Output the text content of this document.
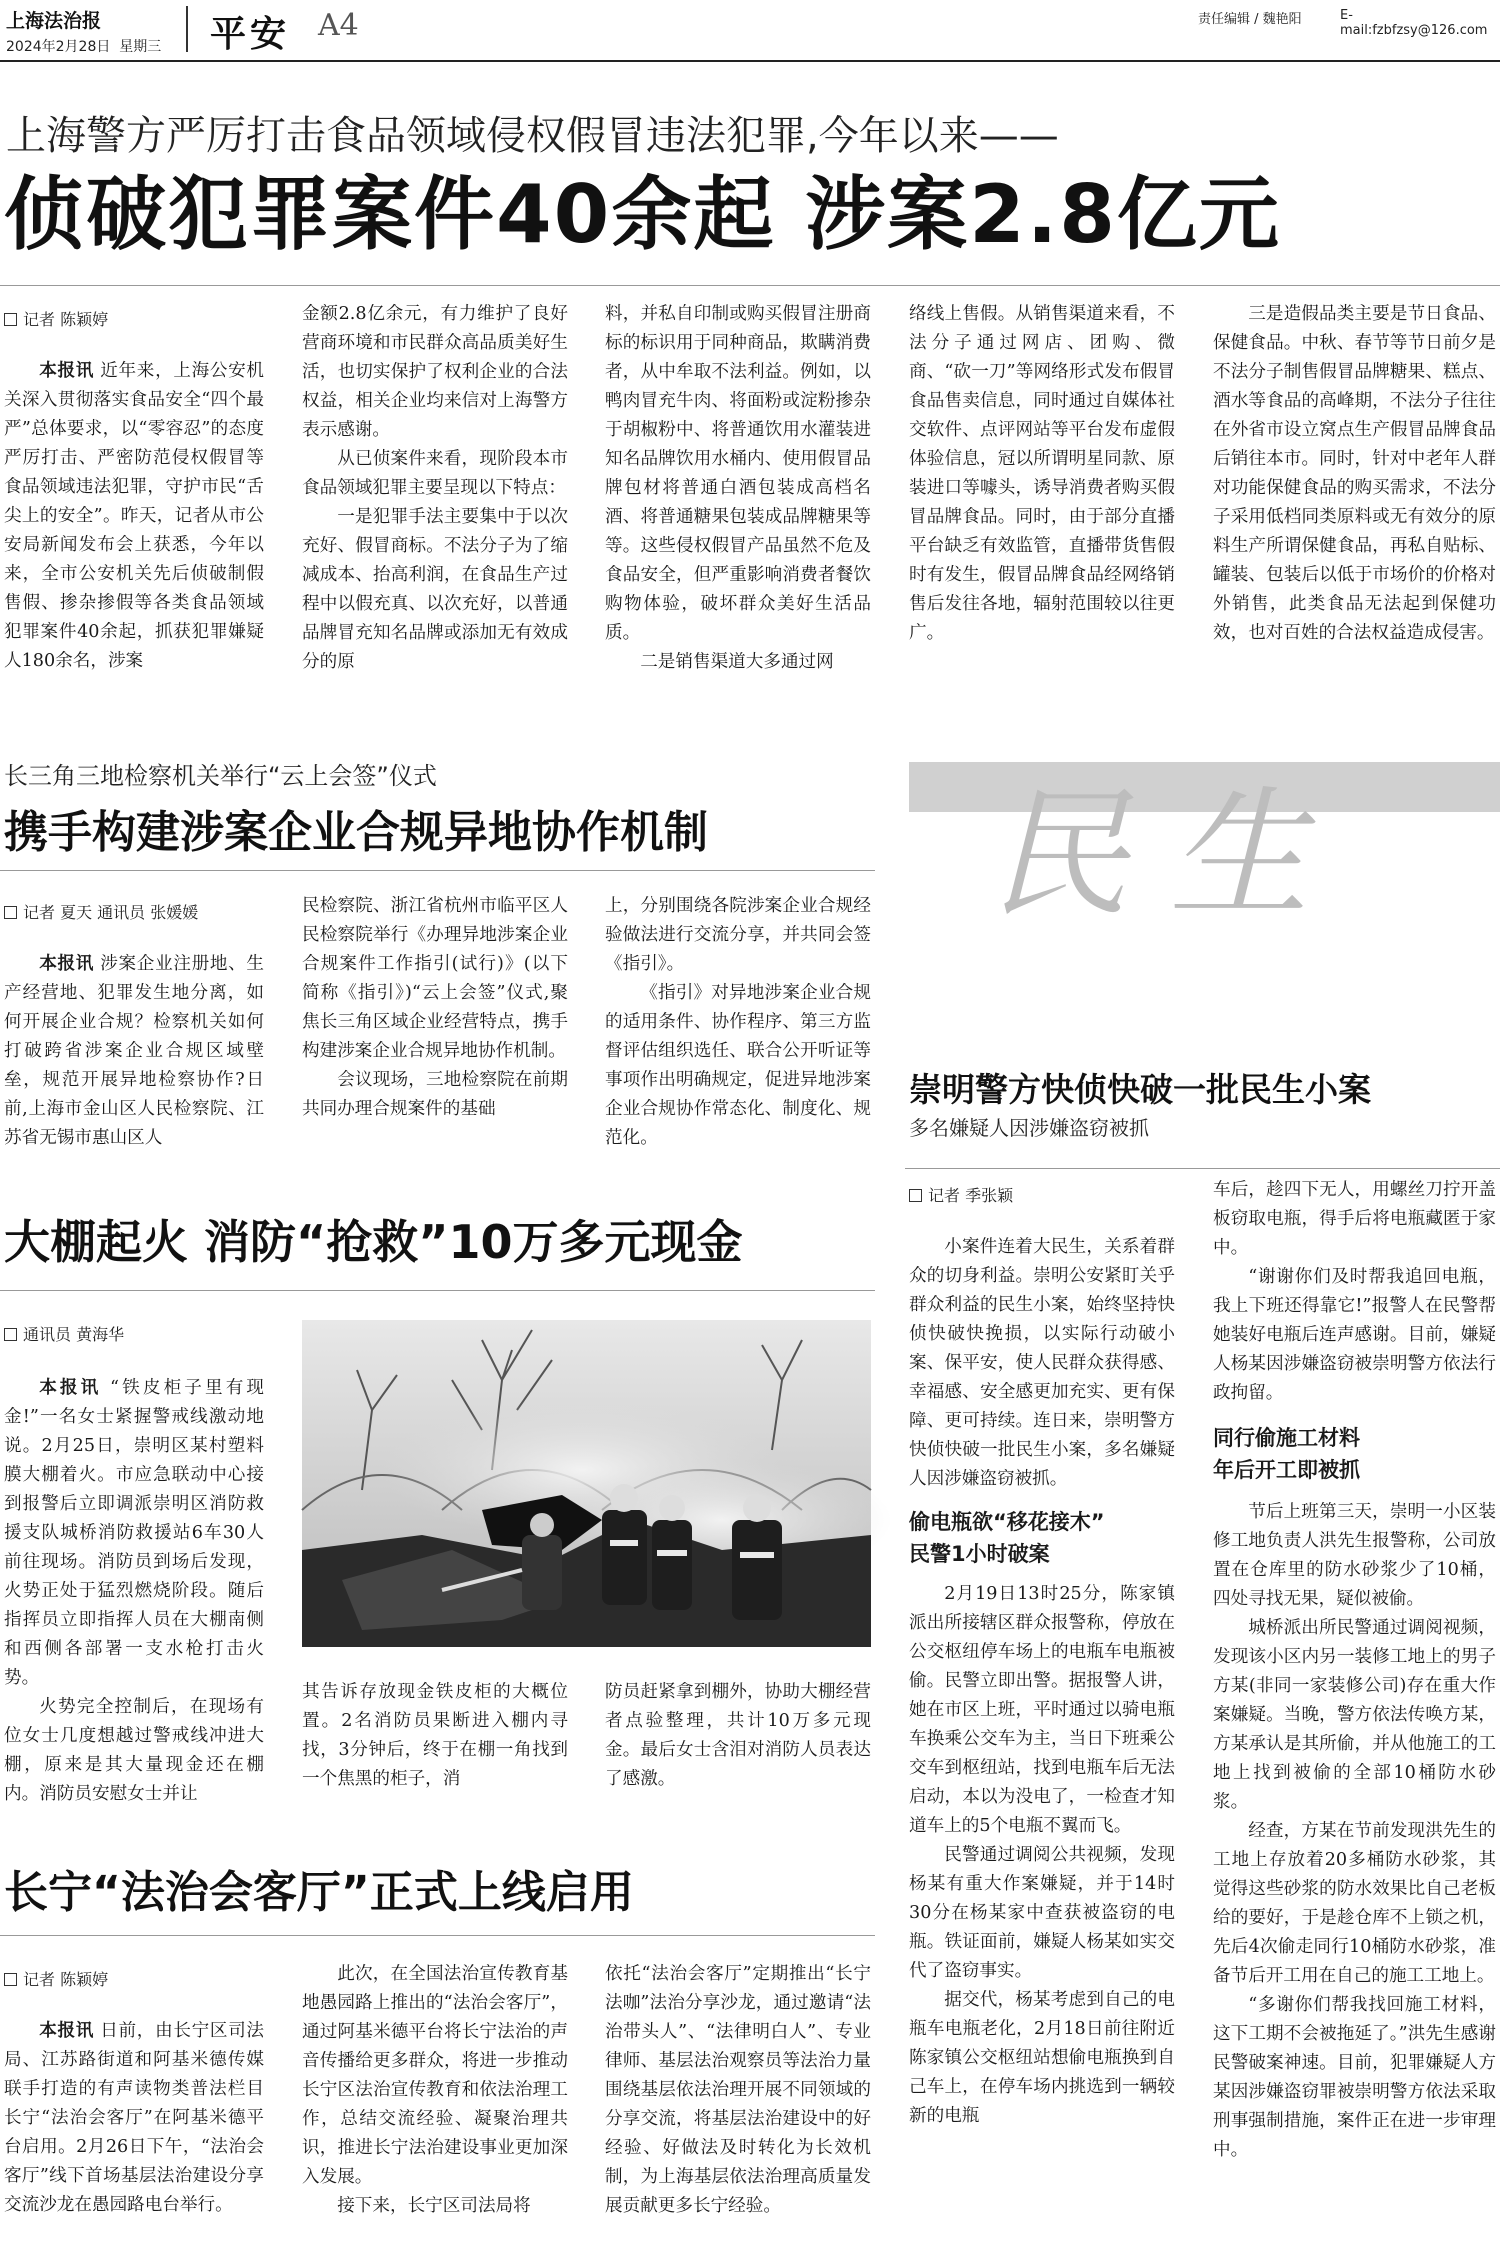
上海法治报
2024年2月28日 星期三 平安 A4	责任编辑 / 魏艳阳	E-mail:fzbfzsy@126.com
上海警方严厉打击食品领域侵权假冒违法犯罪,今年以来——
侦破犯罪案件40余起 涉案2.8亿元
记者 陈颖婷

本报讯 近年来，上海公安机关深入贯彻落实食品安全“四个最严”总体要求，以“零容忍”的态度严厉打击、严密防范侵权假冒等食品领域违法犯罪，守护市民“舌尖上的安全”。昨天，记者从市公安局新闻发布会上获悉，今年以来，全市公安机关先后侦破制假售假、掺杂掺假等各类食品领域犯罪案件40余起，抓获犯罪嫌疑人180余名，涉案

金额2.8亿余元，有力维护了良好营商环境和市民群众高品质美好生活，也切实保护了权利企业的合法权益，相关企业均来信对上海警方表示感谢。

从已侦案件来看，现阶段本市食品领域犯罪主要呈现以下特点：

一是犯罪手法主要集中于以次充好、假冒商标。不法分子为了缩减成本、抬高利润，在食品生产过程中以假充真、以次充好，以普通品牌冒充知名品牌或添加无有效成分的原

料，并私自印制或购买假冒注册商标的标识用于同种商品，欺瞒消费者，从中牟取不法利益。例如，以鸭肉冒充牛肉、将面粉或淀粉掺杂于胡椒粉中、将普通饮用水灌装进知名品牌饮用水桶内、使用假冒品牌包材将普通白酒包装成高档名酒、将普通糖果包装成品牌糖果等等。这些侵权假冒产品虽然不危及食品安全，但严重影响消费者餐饮购物体验，破坏群众美好生活品质。

二是销售渠道大多通过网

络线上售假。从销售渠道来看，不法分子通过网店、团购、微商、“砍一刀”等网络形式发布假冒食品售卖信息，同时通过自媒体社交软件、点评网站等平台发布虚假体验信息，冠以所谓明星同款、原装进口等噱头，诱导消费者购买假冒品牌食品。同时，由于部分直播平台缺乏有效监管，直播带货售假时有发生，假冒品牌食品经网络销售后发往各地，辐射范围较以往更广。

三是造假品类主要是节日食品、保健食品。中秋、春节等节日前夕是不法分子制售假冒品牌糖果、糕点、酒水等食品的高峰期，不法分子往往在外省市设立窝点生产假冒品牌食品后销往本市。同时，针对中老年人群对功能保健食品的购买需求，不法分子采用低档同类原料或无有效分的原料生产所谓保健食品，再私自贴标、罐装、包装后以低于市场价的价格对外销售，此类食品无法起到保健功效，也对百姓的合法权益造成侵害。

长三角三地检察机关举行“云上会签”仪式
携手构建涉案企业合规异地协作机制
记者 夏天 通讯员 张媛媛

本报讯 涉案企业注册地、生产经营地、犯罪发生地分离，如何开展企业合规？检察机关如何打破跨省涉案企业合规区域壁垒，规范开展异地检察协作?日前,上海市金山区人民检察院、江苏省无锡市惠山区人

民检察院、浙江省杭州市临平区人民检察院举行《办理异地涉案企业合规案件工作指引(试行)》(以下简称《指引》)“云上会签”仪式,聚焦长三角区域企业经营特点，携手构建涉案企业合规异地协作机制。

会议现场，三地检察院在前期共同办理合规案件的基础

上，分别围绕各院涉案企业合规经验做法进行交流分享，并共同会签《指引》。

《指引》对异地涉案企业合规的适用条件、协作程序、第三方监督评估组织选任、联合公开听证等事项作出明确规定，促进异地涉案企业合规协作常态化、制度化、规范化。

大棚起火 消防“抢救”10万多元现金
通讯员 黄海华

本报讯 “铁皮柜子里有现金!”一名女士紧握警戒线激动地说。2月25日，崇明区某村塑料膜大棚着火。市应急联动中心接到报警后立即调派崇明区消防救援支队城桥消防救援站6车30人前往现场。消防员到场后发现，火势正处于猛烈燃烧阶段。随后指挥员立即指挥人员在大棚南侧和西侧各部署一支水枪打击火势。

火势完全控制后，在现场有位女士几度想越过警戒线冲进大棚，原来是其大量现金还在棚内。消防员安慰女士并让

其告诉存放现金铁皮柜的大概位置。2名消防员果断进入棚内寻找，3分钟后，终于在棚一角找到一个焦黑的柜子，消

防员赶紧拿到棚外，协助大棚经营者点验整理，共计10万多元现金。最后女士含泪对消防人员表达了感激。

长宁“法治会客厅”正式上线启用
记者 陈颖婷

本报讯 日前，由长宁区司法局、江苏路街道和阿基米德传媒联手打造的有声读物类普法栏目长宁“法治会客厅”在阿基米德平台启用。2月26日下午，“法治会客厅”线下首场基层法治建设分享交流沙龙在愚园路电台举行。

此次，在全国法治宣传教育基地愚园路上推出的“法治会客厅”，通过阿基米德平台将长宁法治的声音传播给更多群众，将进一步推动长宁区法治宣传教育和依法治理工作，总结交流经验、凝聚治理共识，推进长宁法治建设事业更加深入发展。

接下来，长宁区司法局将

依托“法治会客厅”定期推出“长宁法咖”法治分享沙龙，通过邀请“法治带头人”、“法律明白人”、专业律师、基层法治观察员等法治力量围绕基层依法治理开展不同领域的分享交流，将基层法治建设中的好经验、好做法及时转化为长效机制，为上海基层依法治理高质量发展贡献更多长宁经验。

民生
崇明警方快侦快破一批民生小案
多名嫌疑人因涉嫌盗窃被抓
记者 季张颖

小案件连着大民生，关系着群众的切身利益。崇明公安紧盯关乎群众利益的民生小案，始终坚持快侦快破快挽损，以实际行动破小案、保平安，使人民群众获得感、幸福感、安全感更加充实、更有保障、更可持续。连日来，崇明警方快侦快破一批民生小案，多名嫌疑人因涉嫌盗窃被抓。

偷电瓶欲“移花接木”
民警1小时破案

2月19日13时25分，陈家镇派出所接辖区群众报警称，停放在公交枢纽停车场上的电瓶车电瓶被偷。民警立即出警。据报警人讲，她在市区上班，平时通过以骑电瓶车换乘公交车为主，当日下班乘公交车到枢纽站，找到电瓶车后无法启动，本以为没电了，一检查才知道车上的5个电瓶不翼而飞。

民警通过调阅公共视频，发现杨某有重大作案嫌疑，并于14时30分在杨某家中查获被盗窃的电瓶。铁证面前，嫌疑人杨某如实交代了盗窃事实。

据交代，杨某考虑到自己的电瓶车电瓶老化，2月18日前往附近陈家镇公交枢纽站想偷电瓶换到自己车上，在停车场内挑选到一辆较新的电瓶

车后，趁四下无人，用螺丝刀拧开盖板窃取电瓶，得手后将电瓶藏匿于家中。

“谢谢你们及时帮我追回电瓶，我上下班还得靠它!”报警人在民警帮她装好电瓶后连声感谢。目前，嫌疑人杨某因涉嫌盗窃被崇明警方依法行政拘留。

同行偷施工材料
年后开工即被抓

节后上班第三天，崇明一小区装修工地负责人洪先生报警称，公司放置在仓库里的防水砂浆少了10桶，四处寻找无果，疑似被偷。

城桥派出所民警通过调阅视频，发现该小区内另一装修工地上的男子方某(非同一家装修公司)存在重大作案嫌疑。当晚，警方依法传唤方某，方某承认是其所偷，并从他施工的工地上找到被偷的全部10桶防水砂浆。

经查，方某在节前发现洪先生的工地上存放着20多桶防水砂浆，其觉得这些砂浆的防水效果比自己老板给的要好，于是趁仓库不上锁之机，先后4次偷走同行10桶防水砂浆，准备节后开工用在自己的施工工地上。

“多谢你们帮我找回施工材料，这下工期不会被拖延了。”洪先生感谢民警破案神速。目前，犯罪嫌疑人方某因涉嫌盗窃罪被崇明警方依法采取刑事强制措施，案件正在进一步审理中。
